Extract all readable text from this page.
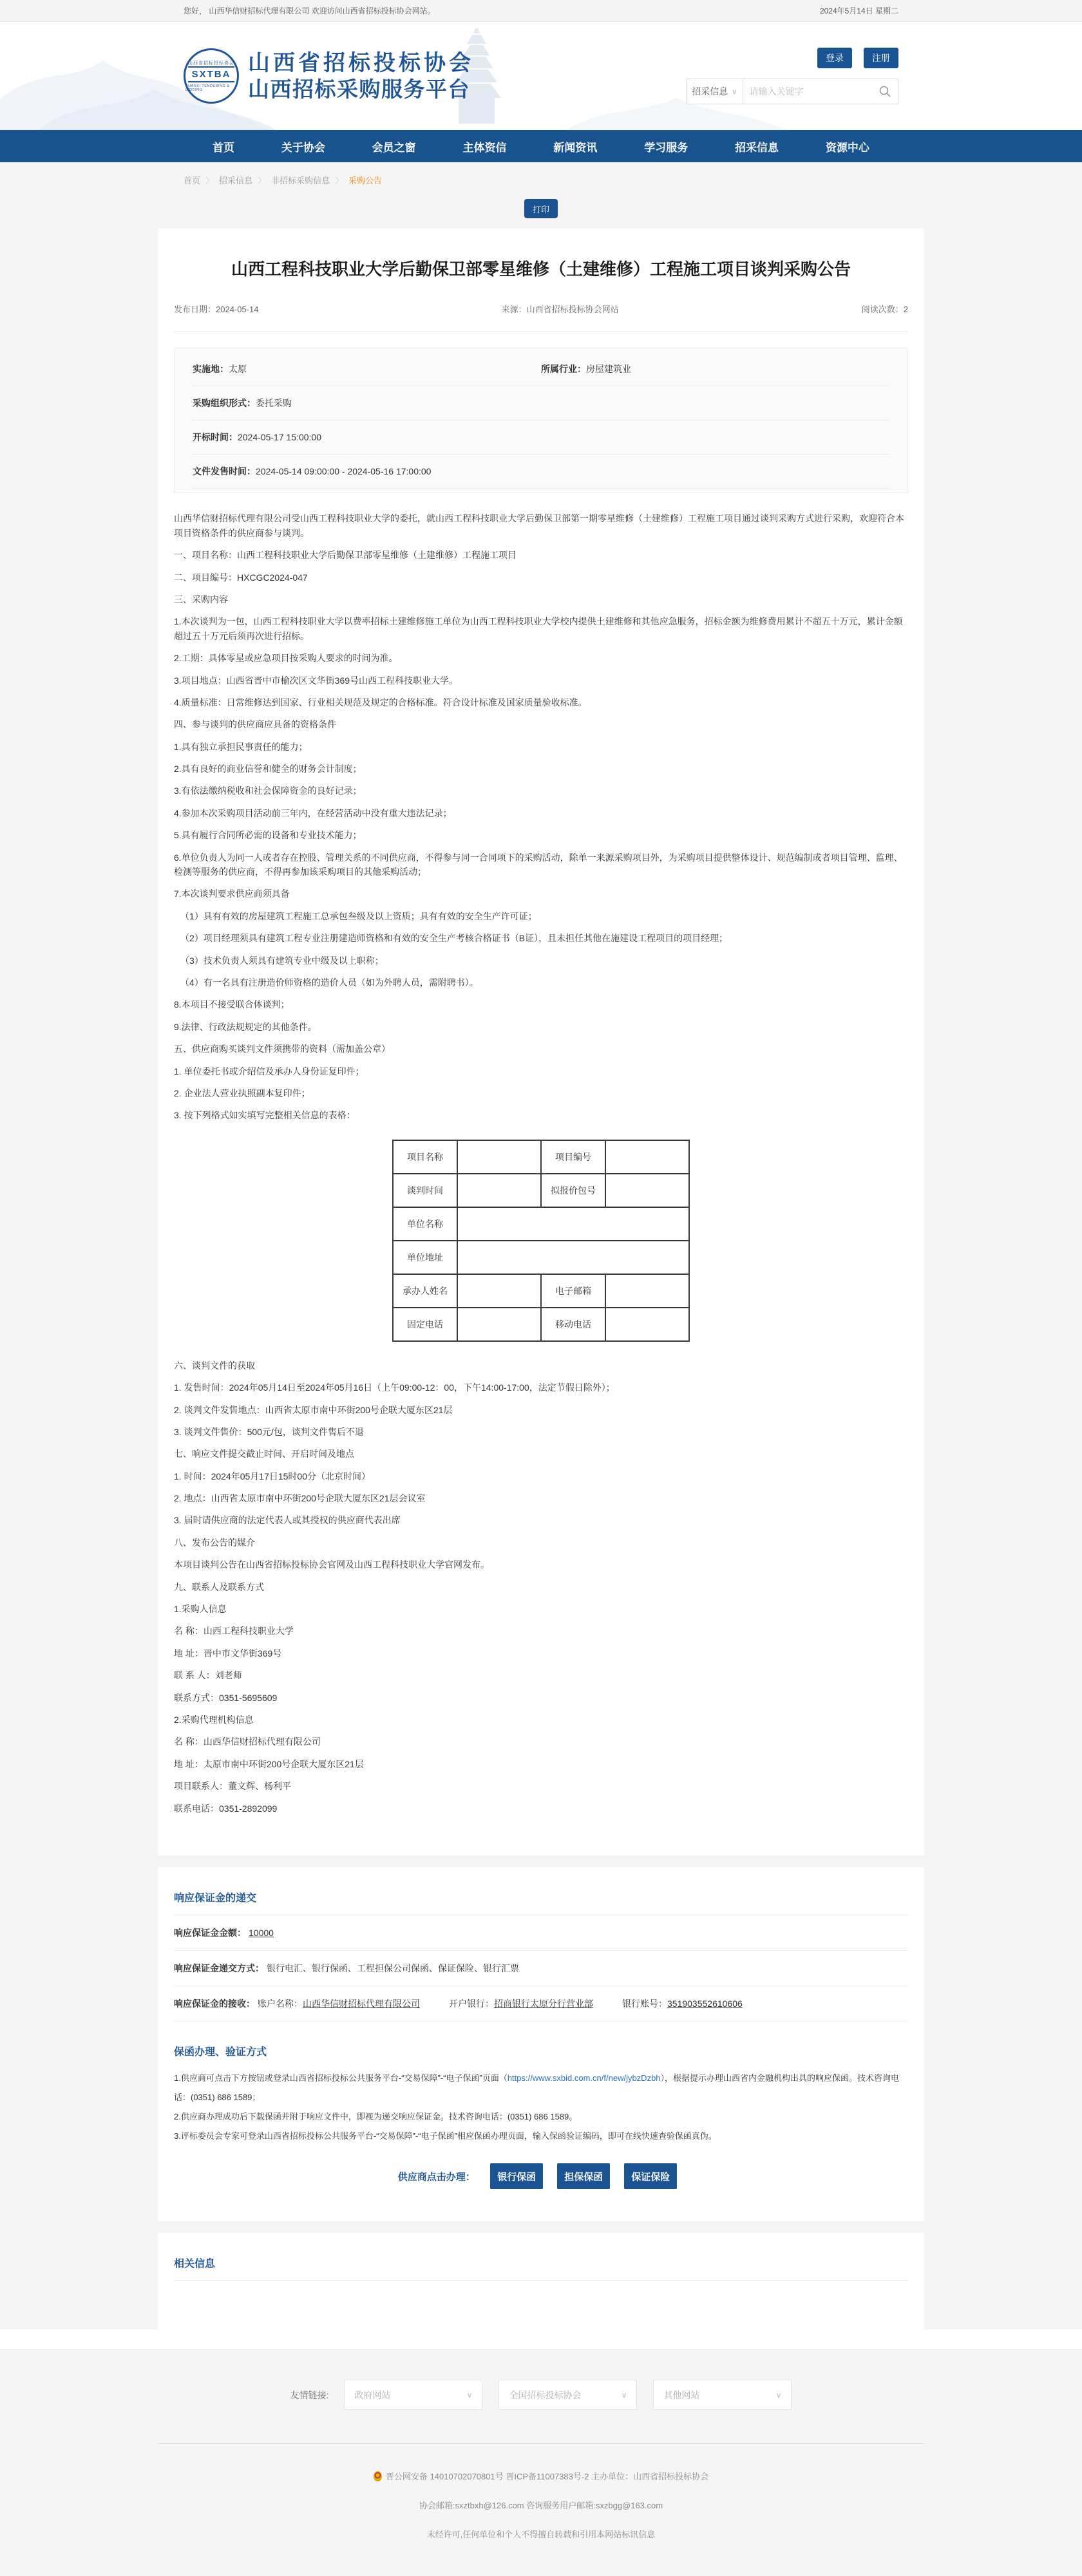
您好， 山西华信财招标代理有限公司 欢迎访问山西省招标投标协会网站。	2024年5月14日 星期二
山西省招标投标协会
SXTBA
SHANXI TENDERING & BIDDING
山西省招标投标协会
山西招标采购服务平台
登录	注册
招采信息 ∨
请输入关键字
首页	关于协会	会员之窗	主体资信	新闻资讯	学习服务	招采信息	资源中心
首页 〉 招采信息 〉 非招标采购信息 〉 采购公告
打印
山西工程科技职业大学后勤保卫部零星维修（土建维修）工程施工项目谈判采购公告
发布日期：2024-05-14	来源：山西省招标投标协会网站	阅读次数：2
实施地：太原	所属行业：房屋建筑业
采购组织形式：委托采购
开标时间：2024-05-17 15:00:00
文件发售时间：2024-05-14 09:00:00 - 2024-05-16 17:00:00

山西华信财招标代理有限公司受山西工程科技职业大学的委托，就山西工程科技职业大学后勤保卫部第一期零星维修（土建维修）工程施工项目通过谈判采购方式进行采购，欢迎符合本项目资格条件的供应商参与谈判。

一、项目名称：山西工程科技职业大学后勤保卫部零星维修（土建维修）工程施工项目

二、项目编号：HXCGC2024-047

三、采购内容

1.本次谈判为一包，山西工程科技职业大学以费率招标土建维修施工单位为山西工程科技职业大学校内提供土建维修和其他应急服务，招标金额为维修费用累计不超五十万元，累计金额超过五十万元后须再次进行招标。

2.工期：具体零星或应急项目按采购人要求的时间为准。

3.项目地点：山西省晋中市榆次区文华街369号山西工程科技职业大学。

4.质量标准：日常维修达到国家、行业相关规范及规定的合格标准。符合设计标准及国家质量验收标准。

四、参与谈判的供应商应具备的资格条件

1.具有独立承担民事责任的能力；

2.具有良好的商业信誉和健全的财务会计制度；

3.有依法缴纳税收和社会保障资金的良好记录；

4.参加本次采购项目活动前三年内，在经营活动中没有重大违法记录；

5.具有履行合同所必需的设备和专业技术能力；

6.单位负责人为同一人或者存在控股、管理关系的不同供应商，不得参与同一合同项下的采购活动，除单一来源采购项目外，为采购项目提供整体设计、规范编制或者项目管理、监理、检测等服务的供应商，不得再参加该采购项目的其他采购活动；

7.本次谈判要求供应商须具备

（1）具有有效的房屋建筑工程施工总承包叁级及以上资质；具有有效的安全生产许可证；

（2）项目经理须具有建筑工程专业注册建造师资格和有效的安全生产考核合格证书（B证），且未担任其他在施建设工程项目的项目经理；

（3）技术负责人须具有建筑专业中级及以上职称；

（4）有一名具有注册造价师资格的造价人员（如为外聘人员，需附聘书）。

8.本项目不接受联合体谈判；

9.法律、行政法规规定的其他条件。

五、供应商购买谈判文件须携带的资料（需加盖公章）

1. 单位委托书或介绍信及承办人身份证复印件；

2. 企业法人营业执照副本复印件；

3. 按下列格式如实填写完整相关信息的表格：

项目名称		项目编号	
谈判时间		拟报价包号	
单位名称			
单位地址			
承办人姓名		电子邮箱	
固定电话		移动电话	

六、谈判文件的获取

1. 发售时间：2024年05月14日至2024年05月16日（上午09:00-12：00，下午14:00-17:00，法定节假日除外）；

2. 谈判文件发售地点：山西省太原市南中环街200号企联大厦东区21层

3. 谈判文件售价：500元/包，谈判文件售后不退

七、响应文件提交截止时间、开启时间及地点

1. 时间：2024年05月17日15时00分（北京时间）

2. 地点：山西省太原市南中环街200号企联大厦东区21层会议室

3. 届时请供应商的法定代表人或其授权的供应商代表出席

八、发布公告的媒介

本项目谈判公告在山西省招标投标协会官网及山西工程科技职业大学官网发布。

九、联系人及联系方式

1.采购人信息

名 称：山西工程科技职业大学

地 址：晋中市文华街369号

联 系 人：刘老师

联系方式：0351-5695609

2.采购代理机构信息

名 称：山西华信财招标代理有限公司

地 址：太原市南中环街200号企联大厦东区21层

项目联系人：董文辉、杨利平

联系电话：0351-2892099

响应保证金的递交
响应保证金金额： 10000
响应保证金递交方式： 银行电汇、银行保函、工程担保公司保函、保证保险、银行汇票
响应保证金的接收： 账户名称： 山西华信财招标代理有限公司	开户银行： 招商银行太原分行营业部	银行账号： 351903552610606
保函办理、验证方式

1.供应商可点击下方按钮或登录山西省招标投标公共服务平台-“交易保障”-“电子保函”页面（https://www.sxbid.com.cn/f/new/jybzDzbh），根据提示办理山西省内金融机构出具的响应保函。技术咨询电话：(0351) 686 1589；

2.供应商办理成功后下载保函并附于响应文件中，即视为递交响应保证金。技术咨询电话：(0351) 686 1589。

3.评标委员会专家可登录山西省招标投标公共服务平台-“交易保障”-“电子保函”相应保函办理页面，输入保函验证编码，即可在线快速查验保函真伪。

供应商点击办理： 银行保函	担保保函	保证保险
相关信息
友情链接:	政府网站	∨	全国招标投标协会	∨	其他网站	∨
晋公网安备 14010702070801号 晋ICP备11007383号-2 主办单位：山西省招标投标协会
协会邮箱:sxztbxh@126.com 咨询服务用户邮箱:sxzbgg@163.com
未经许可,任何单位和个人不得擅自转载和引用本网站标讯信息
